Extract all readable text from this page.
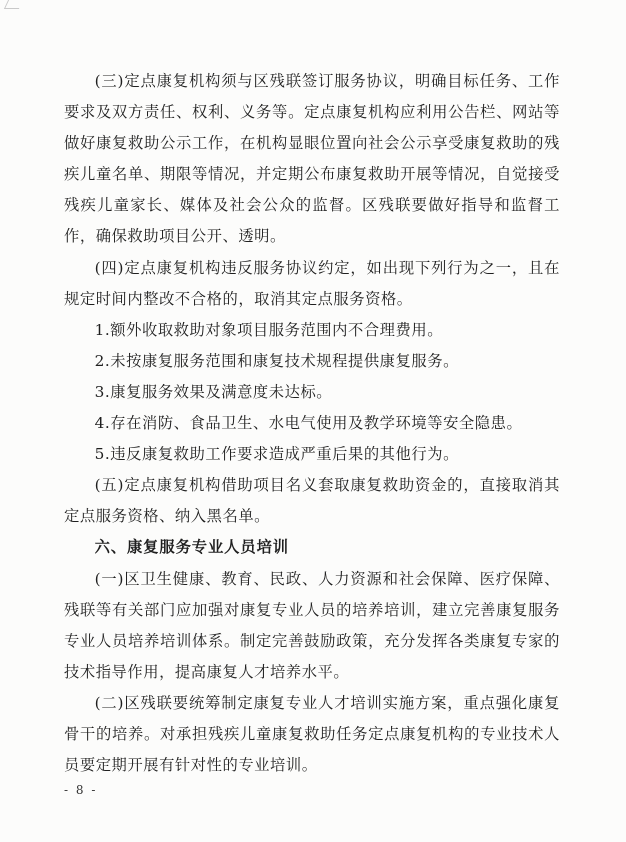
(三)定点康复机构须与区残联签订服务协议，明确目标任务、工作要求及双方责任、权利、义务等。定点康复机构应利用公告栏、网站等做好康复救助公示工作，在机构显眼位置向社会公示享受康复救助的残疾儿童名单、期限等情况，并定期公布康复救助开展等情况，自觉接受残疾儿童家长、媒体及社会公众的监督。区残联要做好指导和监督工作，确保救助项目公开、透明。

(四)定点康复机构违反服务协议约定，如出现下列行为之一，且在规定时间内整改不合格的，取消其定点服务资格。

1.额外收取救助对象项目服务范围内不合理费用。

2.未按康复服务范围和康复技术规程提供康复服务。

3.康复服务效果及满意度未达标。

4.存在消防、食品卫生、水电气使用及教学环境等安全隐患。

5.违反康复救助工作要求造成严重后果的其他行为。

(五)定点康复机构借助项目名义套取康复救助资金的，直接取消其定点服务资格、纳入黑名单。

六、康复服务专业人员培训

(一)区卫生健康、教育、民政、人力资源和社会保障、医疗保障、残联等有关部门应加强对康复专业人员的培养培训，建立完善康复服务专业人员培养培训体系。制定完善鼓励政策，充分发挥各类康复专家的技术指导作用，提高康复人才培养水平。

(二)区残联要统筹制定康复专业人才培训实施方案，重点强化康复骨干的培养。对承担残疾儿童康复救助任务定点康复机构的专业技术人员要定期开展有针对性的专业培训。

- 8 -
